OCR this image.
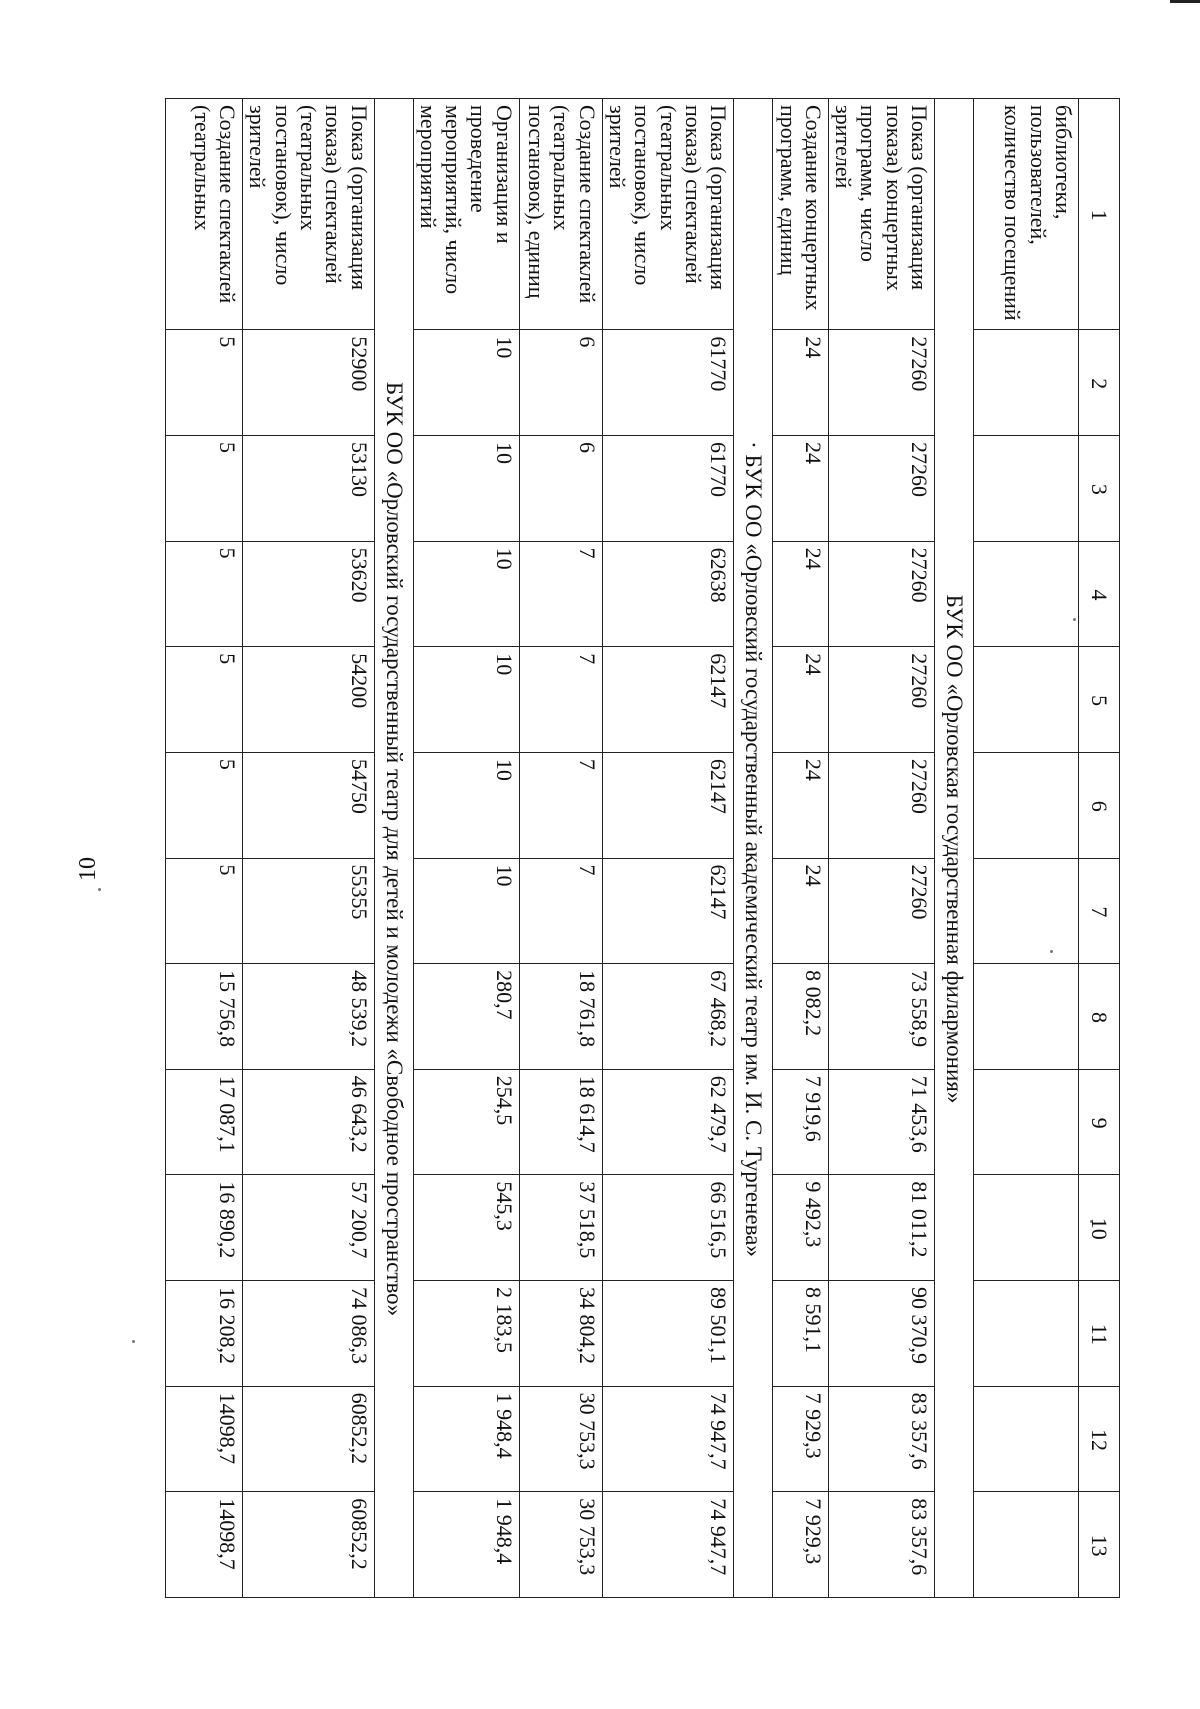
10
1	2	3	4	5	6	7	8	9	10	11	12	13
библиотеки, пользователей, количество посещений												
БУК ОО «Орловская государственная филармония»												
Показ (организация показа) концертных программ, число зрителей	27260	27260	27260	27260	27260	27260	73 558,9	71 453,6	81 011,2	90 370,9	83 357,6	83 357,6
Создание концертных программ, единиц	24	24	24	24	24	24	8 082,2	7 919,6	9 492,3	8 591,1	7 929,3	7 929,3
· БУК ОО «Орловский государственный академический театр им. И. С. Тургенева»												
Показ (организация показа) спектаклей (театральных постановок), число зрителей	61770	61770	62638	62147	62147	62147	67 468,2	62 479,7	66 516,5	89 501,1	74 947,7	74 947,7
Создание спектаклей (театральных постановок), единиц	6	6	7	7	7	7	18 761,8	18 614,7	37 518,5	34 804,2	30 753,3	30 753,3
Организация и проведение мероприятий, число мероприятий	10	10	10	10	10	10	280,7	254,5	545,3	2 183,5	1 948,4	1 948,4
БУК ОО «Орловский государственный театр для детей и молодежи «Свободное пространство»												
Показ (организация показа) спектаклей (театральных постановок), число зрителей	52900	53130	53620	54200	54750	55355	48 539,2	46 643,2	57 200,7	74 086,3	60852,2	60852,2
Создание спектаклей (театральных	5	5	5	5	5	5	15 756,8	17 087,1	16 890,2	16 208,2	14098,7	14098,7
